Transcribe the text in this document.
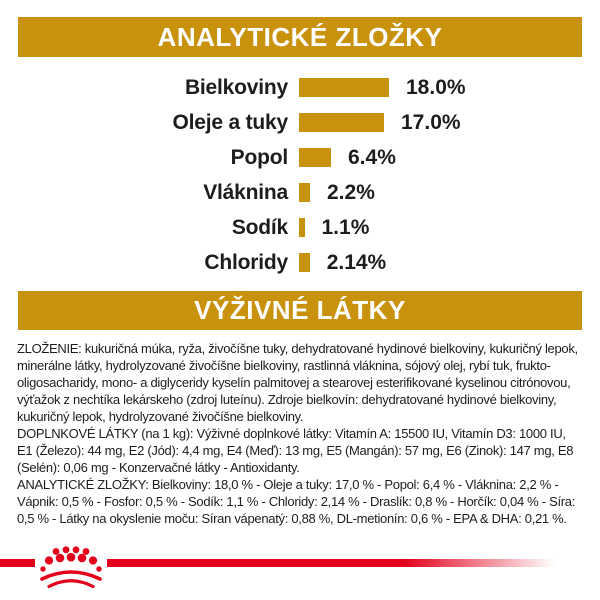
ANALYTICKÉ ZLOŽKY
Bielkoviny	18.0%
Oleje a tuky	17.0%
Popol	6.4%
Vláknina 2.2%
Sodík 1.1%
Chloridy 2.14%
VÝŽIVNÉ LÁTKY

ZLOŽENIE: kukuričná múka, ryža, živočíšne tuky, dehydratované hydinové bielkoviny, kukuričný lepok, minerálne látky, hydrolyzované živočíšne bielkoviny, rastlinná vláknina, sójový olej, rybí tuk, frukto-oligosacharidy, mono- a diglyceridy kyselín palmitovej a stearovej esterifikované kyselinou citrónovou, výťažok z nechtíka lekárskeho (zdroj luteínu). Zdroje bielkovín: dehydratované hydinové bielkoviny, kukuričný lepok, hydrolyzované živočíšne bielkoviny.

DOPLNKOVÉ LÁTKY (na 1 kg): Výživné doplnkové látky: Vitamín A: 15500 IU, Vitamín D3: 1000 IU, E1 (Železo): 44 mg, E2 (Jód): 4,4 mg, E4 (Meď): 13 mg, E5 (Mangán): 57 mg, E6 (Zinok): 147 mg, E8 (Selén): 0,06 mg - Konzervačné látky - Antioxidanty.

ANALYTICKÉ ZLOŽKY: Bielkoviny: 18,0 % - Oleje a tuky: 17,0 % - Popol: 6,4 % - Vláknina: 2,2 % - Vápnik: 0,5 % - Fosfor: 0,5 % - Sodík: 1,1 % - Chloridy: 2,14 % - Draslík: 0,8 % - Horčík: 0,04 % - Síra: 0,5 % - Látky na okyslenie moču: Síran vápenatý: 0,88 %, DL-metionín: 0,6 % - EPA & DHA: 0,21 %.
